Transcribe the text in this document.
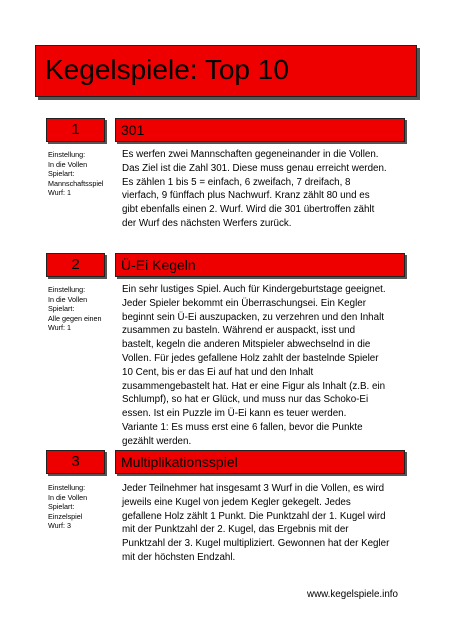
Kegelspiele: Top 10
1	301
Einstellung:
In die Vollen
Spielart:
Mannschaftsspiel
Wurf: 1
Es werfen zwei Mannschaften gegeneinander in die Vollen.
Das Ziel ist die Zahl 301. Diese muss genau erreicht werden.
Es zählen 1 bis 5 = einfach, 6 zweifach, 7 dreifach, 8
vierfach, 9 fünffach plus Nachwurf. Kranz zählt 80 und es
gibt ebenfalls einen 2. Wurf. Wird die 301 übertroffen zählt
der Wurf des nächsten Werfers zurück.
2	Ü-Ei Kegeln
Einstellung:
In die Vollen
Spielart:
Alle gegen einen
Wurf: 1
Ein sehr lustiges Spiel. Auch für Kindergeburtstage geeignet.
Jeder Spieler bekommt ein Überraschungsei. Ein Kegler
beginnt sein Ü-Ei auszupacken, zu verzehren und den Inhalt
zusammen zu basteln. Während er auspackt, isst und
bastelt, kegeln die anderen Mitspieler abwechselnd in die
Vollen. Für jedes gefallene Holz zahlt der bastelnde Spieler
10 Cent, bis er das Ei auf hat und den Inhalt
zusammengebastelt hat. Hat er eine Figur als Inhalt (z.B. ein
Schlumpf), so hat er Glück, und muss nur das Schoko-Ei
essen. Ist ein Puzzle im Ü-Ei kann es teuer werden.
Variante 1: Es muss erst eine 6 fallen, bevor die Punkte
gezählt werden.
3	Multiplikationsspiel
Einstellung:
In die Vollen
Spielart:
Einzelspiel
Wurf: 3
Jeder Teilnehmer hat insgesamt 3 Wurf in die Vollen, es wird
jeweils eine Kugel von jedem Kegler gekegelt. Jedes
gefallene Holz zählt 1 Punkt. Die Punktzahl der 1. Kugel wird
mit der Punktzahl der 2. Kugel, das Ergebnis mit der
Punktzahl der 3. Kugel multipliziert. Gewonnen hat der Kegler
mit der höchsten Endzahl.
www.kegelspiele.info
